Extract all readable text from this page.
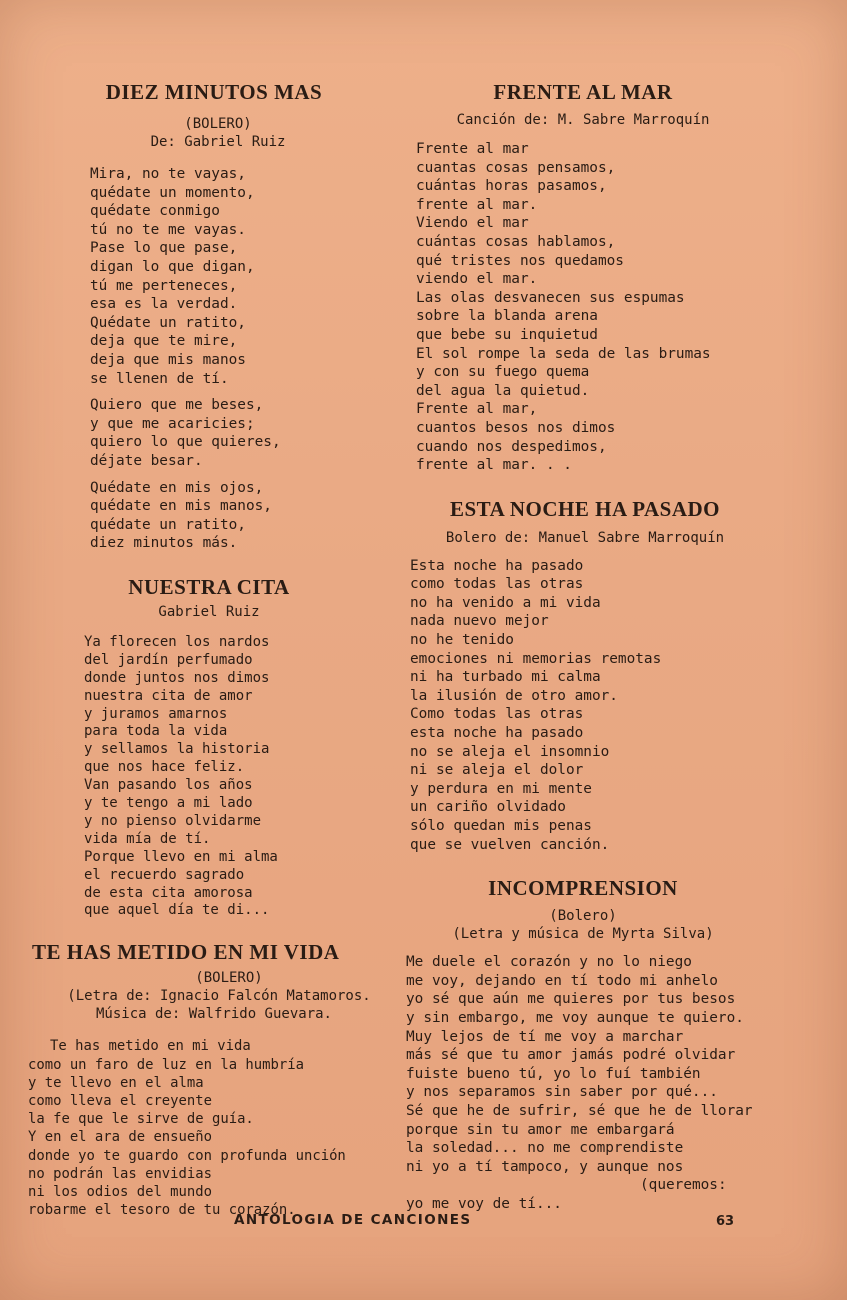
DIEZ MINUTOS MAS

(BOLERO)

De: Gabriel Ruiz

Mira, no te vayas,
quédate un momento,
quédate conmigo
tú no te me vayas.
Pase lo que pase,
digan lo que digan,
tú me perteneces,
esa es la verdad.
Quédate un ratito,
deja que te mire,
deja que mis manos
se llenen de tí.
Quiero que me beses,
y que me acaricies;
quiero lo que quieres,
déjate besar.
Quédate en mis ojos,
quédate en mis manos,
quédate un ratito,
diez minutos más.
NUESTRA CITA

Gabriel Ruiz

Ya florecen los nardos
del jardín perfumado
donde juntos nos dimos
nuestra cita de amor
y juramos amarnos
para toda la vida
y sellamos la historia
que nos hace feliz.
Van pasando los años
y te tengo a mi lado
y no pienso olvidarme
vida mía de tí.
Porque llevo en mi alma
el recuerdo sagrado
de esta cita amorosa
que aquel día te di...
TE HAS METIDO EN MI VIDA

(BOLERO)

(Letra de: Ignacio Falcón Matamoros.

Música de: Walfrido Guevara.

Te has metido en mi vida
como un faro de luz en la humbría
y te llevo en el alma
como lleva el creyente
la fe que le sirve de guía.
Y en el ara de ensueño
donde yo te guardo con profunda unción
no podrán las envidias
ni los odios del mundo
robarme el tesoro de tu corazón.
FRENTE AL MAR

Canción de: M. Sabre Marroquín

Frente al mar
cuantas cosas pensamos,
cuántas horas pasamos,
frente al mar.
Viendo el mar
cuántas cosas hablamos,
qué tristes nos quedamos
viendo el mar.
Las olas desvanecen sus espumas
sobre la blanda arena
que bebe su inquietud
El sol rompe la seda de las brumas
y con su fuego quema
del agua la quietud.
Frente al mar,
cuantos besos nos dimos
cuando nos despedimos,
frente al mar. . .
ESTA NOCHE HA PASADO

Bolero de: Manuel Sabre Marroquín

Esta noche ha pasado
como todas las otras
no ha venido a mi vida
nada nuevo mejor
no he tenido
emociones ni memorias remotas
ni ha turbado mi calma
la ilusión de otro amor.
Como todas las otras
esta noche ha pasado
no se aleja el insomnio
ni se aleja el dolor
y perdura en mi mente
un cariño olvidado
sólo quedan mis penas
que se vuelven canción.
INCOMPRENSION

(Bolero)

(Letra y música de Myrta Silva)

Me duele el corazón y no lo niego
me voy, dejando en tí todo mi anhelo
yo sé que aún me quieres por tus besos
y sin embargo, me voy aunque te quiero.
Muy lejos de tí me voy a marchar
más sé que tu amor jamás podré olvidar
fuiste bueno tú, yo lo fuí también
y nos separamos sin saber por qué...
Sé que he de sufrir, sé que he de llorar
porque sin tu amor me embargará
la soledad... no me comprendiste
ni yo a tí tampoco, y aunque nos
(queremos:
yo me voy de tí...
ANTOLOGIA DE CANCIONES	63
